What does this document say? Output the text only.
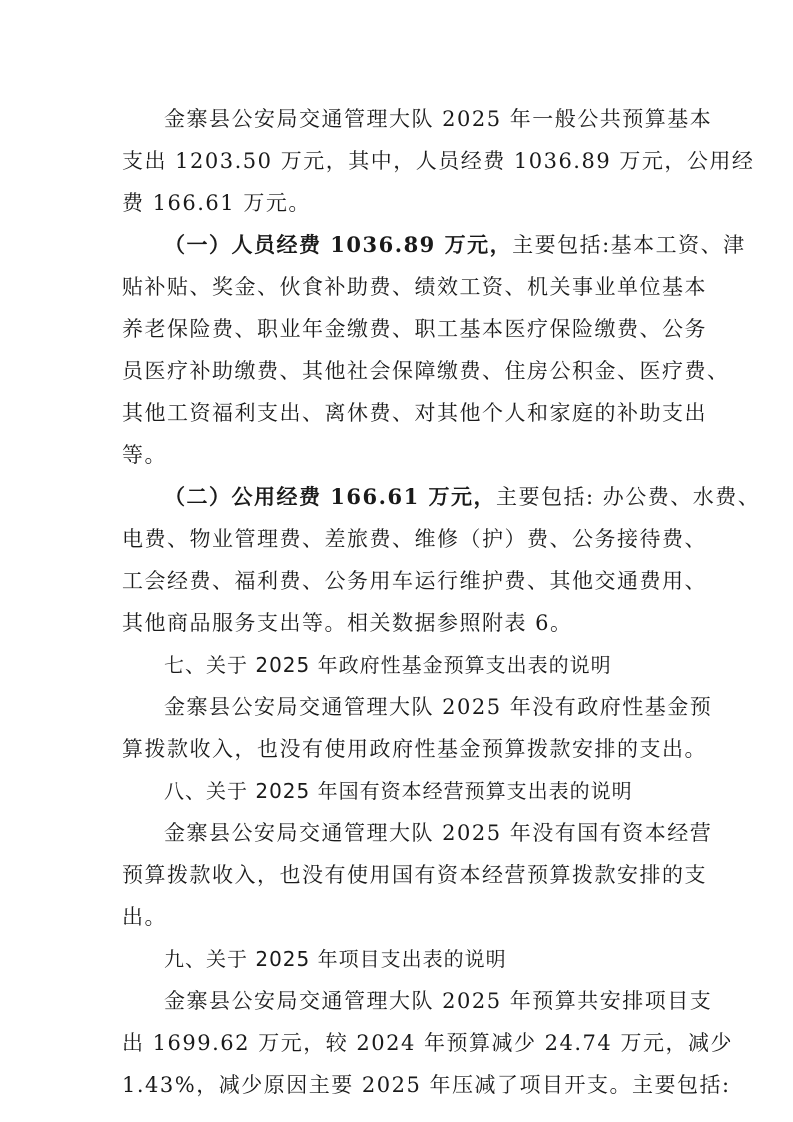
金寨县公安局交通管理大队 2025 年一般公共预算基本
支出 1203.50 万元，其中，人员经费 1036.89 万元，公用经
费 166.61 万元。
（一）人员经费 1036.89 万元，主要包括:基本工资、津
贴补贴、奖金、伙食补助费、绩效工资、机关事业单位基本
养老保险费、职业年金缴费、职工基本医疗保险缴费、公务
员医疗补助缴费、其他社会保障缴费、住房公积金、医疗费、
其他工资福利支出、离休费、对其他个人和家庭的补助支出
等。
（二）公用经费 166.61 万元，主要包括: 办公费、水费、
电费、物业管理费、差旅费、维修（护）费、公务接待费、
工会经费、福利费、公务用车运行维护费、其他交通费用、
其他商品服务支出等。相关数据参照附表 6。
七、关于 2025 年政府性基金预算支出表的说明
金寨县公安局交通管理大队 2025 年没有政府性基金预
算拨款收入，也没有使用政府性基金预算拨款安排的支出。
八、关于 2025 年国有资本经营预算支出表的说明
金寨县公安局交通管理大队 2025 年没有国有资本经营
预算拨款收入，也没有使用国有资本经营预算拨款安排的支
出。
九、关于 2025 年项目支出表的说明
金寨县公安局交通管理大队 2025 年预算共安排项目支
出 1699.62 万元，较 2024 年预算减少 24.74 万元，减少
1.43%，减少原因主要 2025 年压减了项目开支。主要包括:
